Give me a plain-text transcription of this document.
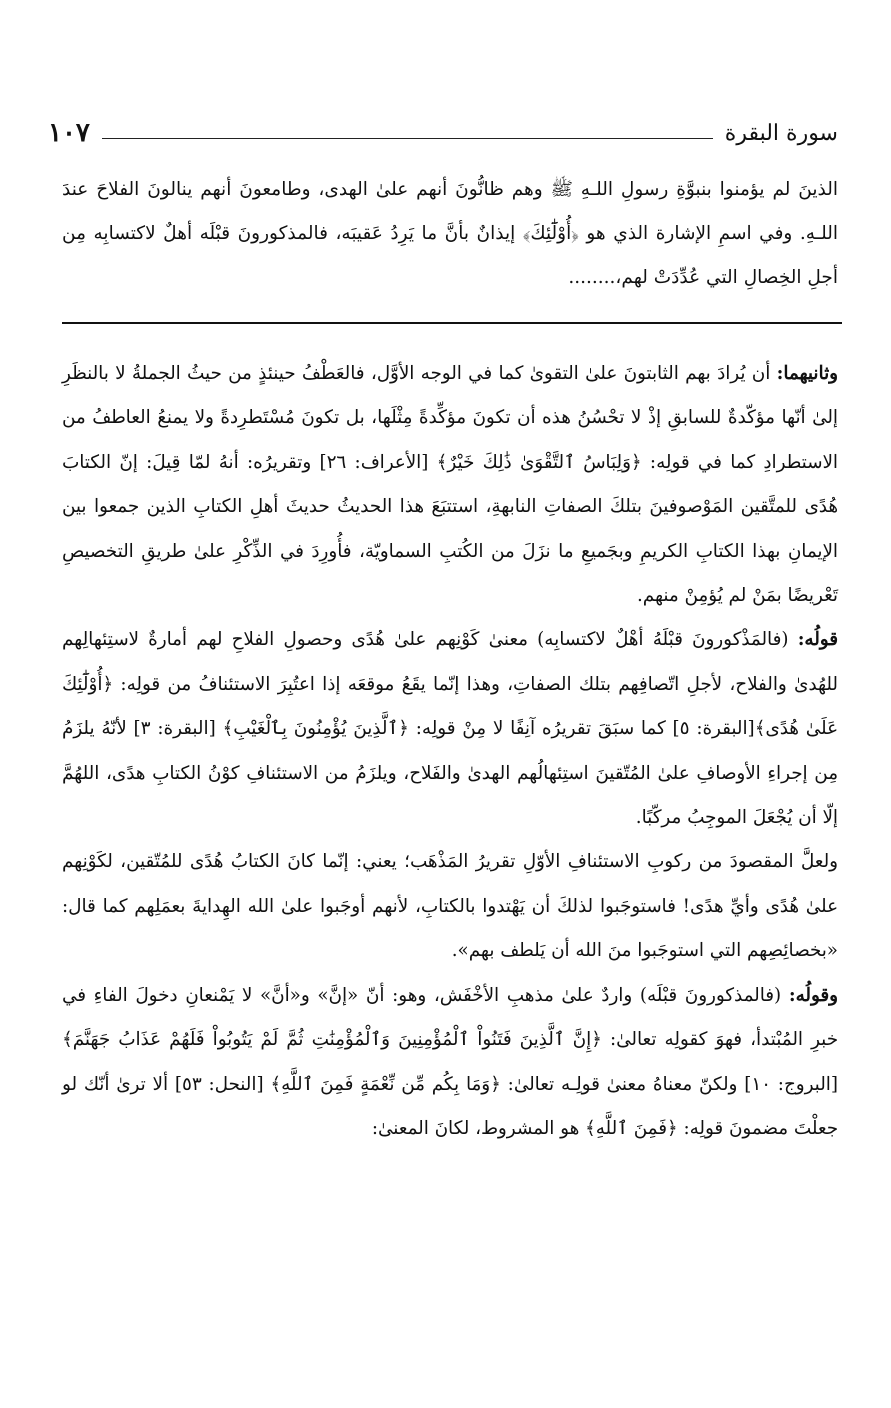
١٠٧	سورة البقرة

الذينَ لم يؤمنوا بنبوَّةِ رسولِ اللـهِ ﷺ وهم ظانُّونَ أنهم علىٰ الهدى، وطامعونَ أنهم ينالونَ الفلاحَ عندَ اللـهِ. وفي اسمِ الإشارة الذي هو ﴿أُوْلَٰٓئِكَ﴾ إيذانٌ بأنَّ ما يَرِدُ عَقيبَه، فالمذكورونَ قبْلَه أهلٌ لاكتسابِه مِن أجلِ الخِصالِ التي عُدِّدَتْ لهم،........

وثانيهما: أن يُرادَ بهم الثابتونَ علىٰ التقوىٰ كما في الوجه الأوَّل، فالعَطْفُ حينئذٍ من حيثُ الجملةُ لا بالنظَرِ إلىٰ أنّها مؤكّدةٌ للسابقِ إذْ لا تحْسُنُ هذه أن تكونَ مؤكِّدةً مِثْلَها، بل تكونَ مُسْتَطرِدةً ولا يمنعُ العاطفُ من الاستطرادِ كما في قولِه: ﴿وَلِبَاسُ ٱلتَّقْوَىٰ ذَٰلِكَ خَيْرٌ﴾ [الأعراف: ٢٦] وتقريرُه: أنهُ لمّا قِيلَ: إنّ الكتابَ هُدًى للمتَّقين المَوْصوفينَ بتلكَ الصفاتِ النابهةِ، استتبَعَ هذا الحديثُ حديثَ أهلِ الكتابِ الذين جمعوا بين الإيمانِ بهذا الكتابِ الكريمِ وبجَميعِ ما نزَلَ من الكُتبِ السماويّة، فأُورِدَ في الذِّكْرِ علىٰ طريقِ التخصيصِ تَعْريضًا بمَنْ لم يُؤمِنْ منهم.

قولُه: (فالمَذْكورونَ قبْلَهُ أهْلٌ لاكتسابِه) معنىٰ كَوْنِهم علىٰ هُدًى وحصولِ الفلاحِ لهم أمارةٌ لاستِئهالِهم للهُدىٰ والفلاح، لأجلِ اتّصافِهم بتلك الصفاتِ، وهذا إنّما يقَعُ موقعَه إذا اعتُبِرَ الاستئنافُ من قولِه: ﴿أُوْلَٰٓئِكَ عَلَىٰ هُدًى﴾[البقرة: ٥] كما سبَقَ تقريرُه آنِفًا لا مِنْ قولِه: ﴿ٱلَّذِينَ يُؤْمِنُونَ بِٱلْغَيْبِ﴾ [البقرة: ٣] لأنّهُ يلزَمُ مِن إجراءِ الأوصافِ علىٰ المُتّقينَ استِئهالُهم الهدىٰ والفَلاح، ويلزَمُ من الاستئنافِ كوْنُ الكتابِ هدًى، اللهُمَّ إلّا أن يُجْعَلَ الموجِبُ مركّبًا.

ولعلَّ المقصودَ من ركوبِ الاستئنافِ الأوّلِ تقريرُ المَذْهَب؛ يعني: إنّما كانَ الكتابُ هُدًى للمُتّقين، لكَوْنِهم علىٰ هُدًى وأيِّ هدًى! فاستوجَبوا لذلكَ أن يَهْتدوا بالكتابِ، لأنهم أوجَبوا علىٰ الله الهِدايةَ بعمَلِهم كما قال: «بخصائِصِهم التي استوجَبوا منَ الله أن يَلطف بهم».

وقولُه: (فالمذكورونَ قبْلَه) واردٌ علىٰ مذهبِ الأخْفَش، وهو: أنّ «إنَّ» و«أنَّ» لا يَمْنعانِ دخولَ الفاءِ في خبرِ المُبْتدأ، فهوَ كقولِه تعالىٰ: ﴿إِنَّ ٱلَّذِينَ فَتَنُواْ ٱلْمُؤْمِنِينَ وَٱلْمُؤْمِنَٰتِ ثُمَّ لَمْ يَتُوبُواْ فَلَهُمْ عَذَابُ جَهَنَّمَ﴾ [البروج: ١٠] ولكنّ معناهُ معنىٰ قولِـه تعالىٰ: ﴿وَمَا بِكُم مِّن نِّعْمَةٍ فَمِنَ ٱللَّهِ﴾ [النحل: ٥٣] ألا ترىٰ أنّك لو جعلْتَ مضمونَ قولِه: ﴿فَمِنَ ٱللَّهِ﴾ هو المشروط، لكانَ المعنىٰ:
